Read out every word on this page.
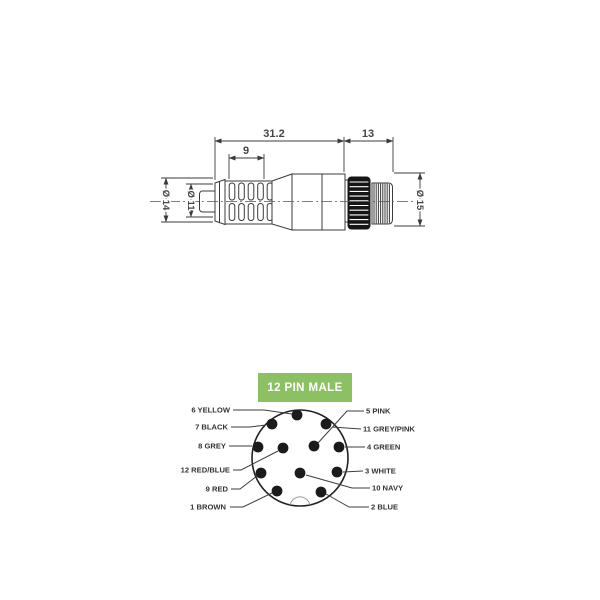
31.2	13
9
Ø 14 Ø 11	Ø 15
1 BROWN	2 BLUE
3 WHITE
4 GREEN
5 PINK
6 YELLOW
7 BLACK
8 GREY
9 RED	10 NAVY
11 GREY/PINK
12 RED/BLUE
12 PIN MALE
